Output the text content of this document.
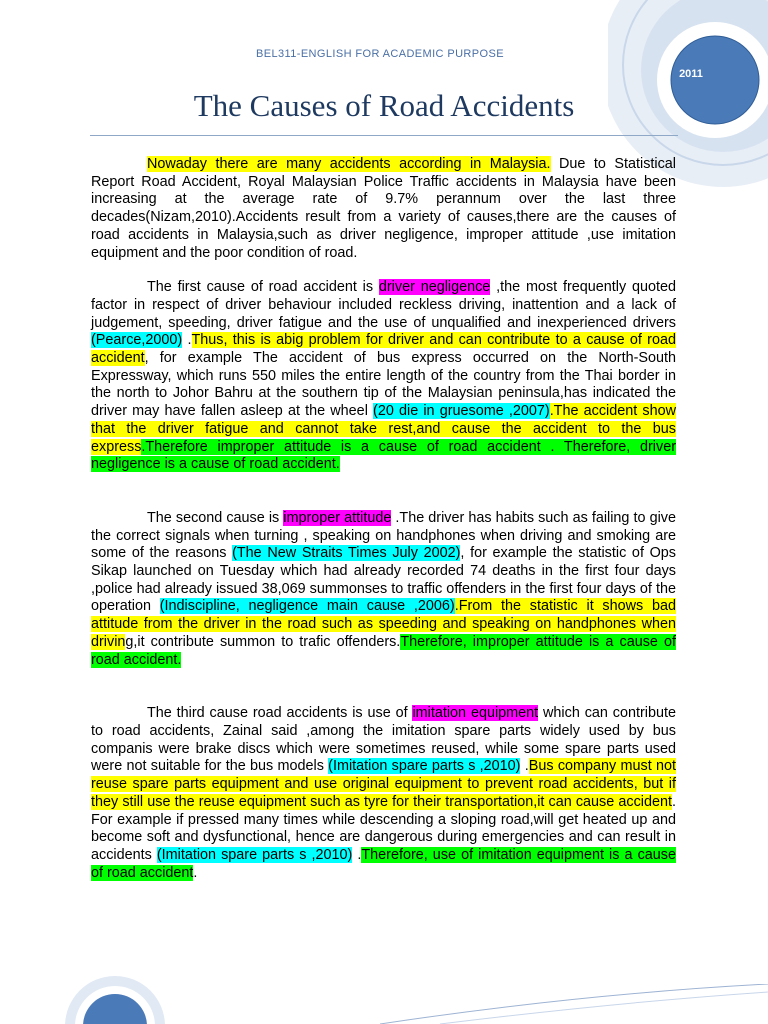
2011
BEL311-ENGLISH FOR ACADEMIC PURPOSE
The Causes of Road Accidents

Nowaday there are many accidents according in Malaysia. Due to Statistical Report Road Accident, Royal Malaysian Police Traffic accidents in Malaysia have been increasing at the average rate of 9.7% perannum over the last three decades(Nizam,2010).Accidents result from a variety of causes,there are the causes of road accidents in Malaysia,such as driver negligence, improper attitude ,use imitation equipment and the poor condition of road.

The first cause of road accident is driver negligence ,the most frequently quoted factor in respect of driver behaviour included reckless driving, inattention and a lack of judgement, speeding, driver fatigue and the use of unqualified and inexperienced drivers (Pearce,2000) .Thus, this is abig problem for driver and can contribute to a cause of road accident, for example The accident of bus express occurred on the North-South Expressway, which runs 550 miles the entire length of the country from the Thai border in the north to Johor Bahru at the southern tip of the Malaysian peninsula,has indicated the driver may have fallen asleep at the wheel (20 die in gruesome ,2007).The accident show that the driver fatigue and cannot take rest,and cause the accident to the bus express.Therefore improper attitude is a cause of road accident . Therefore, driver negligence is a cause of road accident.

The second cause is improper attitude .The driver has habits such as failing to give the correct signals when turning , speaking on handphones when driving and smoking are some of the reasons (The New Straits Times July 2002), for example the statistic of Ops Sikap launched on Tuesday which had already recorded 74 deaths in the first four days ,police had already issued 38,069 summonses to traffic offenders in the first four days of the operation (Indiscipline, negligence main cause ,2006).From the statistic it shows bad attitude from the driver in the road such as speeding and speaking on handphones when driving,it contribute summon to trafic offenders.Therefore, improper attitude is a cause of road accident.

The third cause road accidents is use of imitation equipment which can contribute to road accidents, Zainal said ,among the imitation spare parts widely used by bus companis were brake discs which were sometimes reused, while some spare parts used were not suitable for the bus models (Imitation spare parts s ,2010) .Bus company must not reuse spare parts equipment and use original equipment to prevent road accidents, but if they still use the reuse equipment such as tyre for their transportation,it can cause accident. For example if pressed many times while descending a sloping road,will get heated up and become soft and dysfunctional, hence are dangerous during emergencies and can result in accidents (Imitation spare parts s ,2010) .Therefore, use of imitation equipment is a cause of road accident.
